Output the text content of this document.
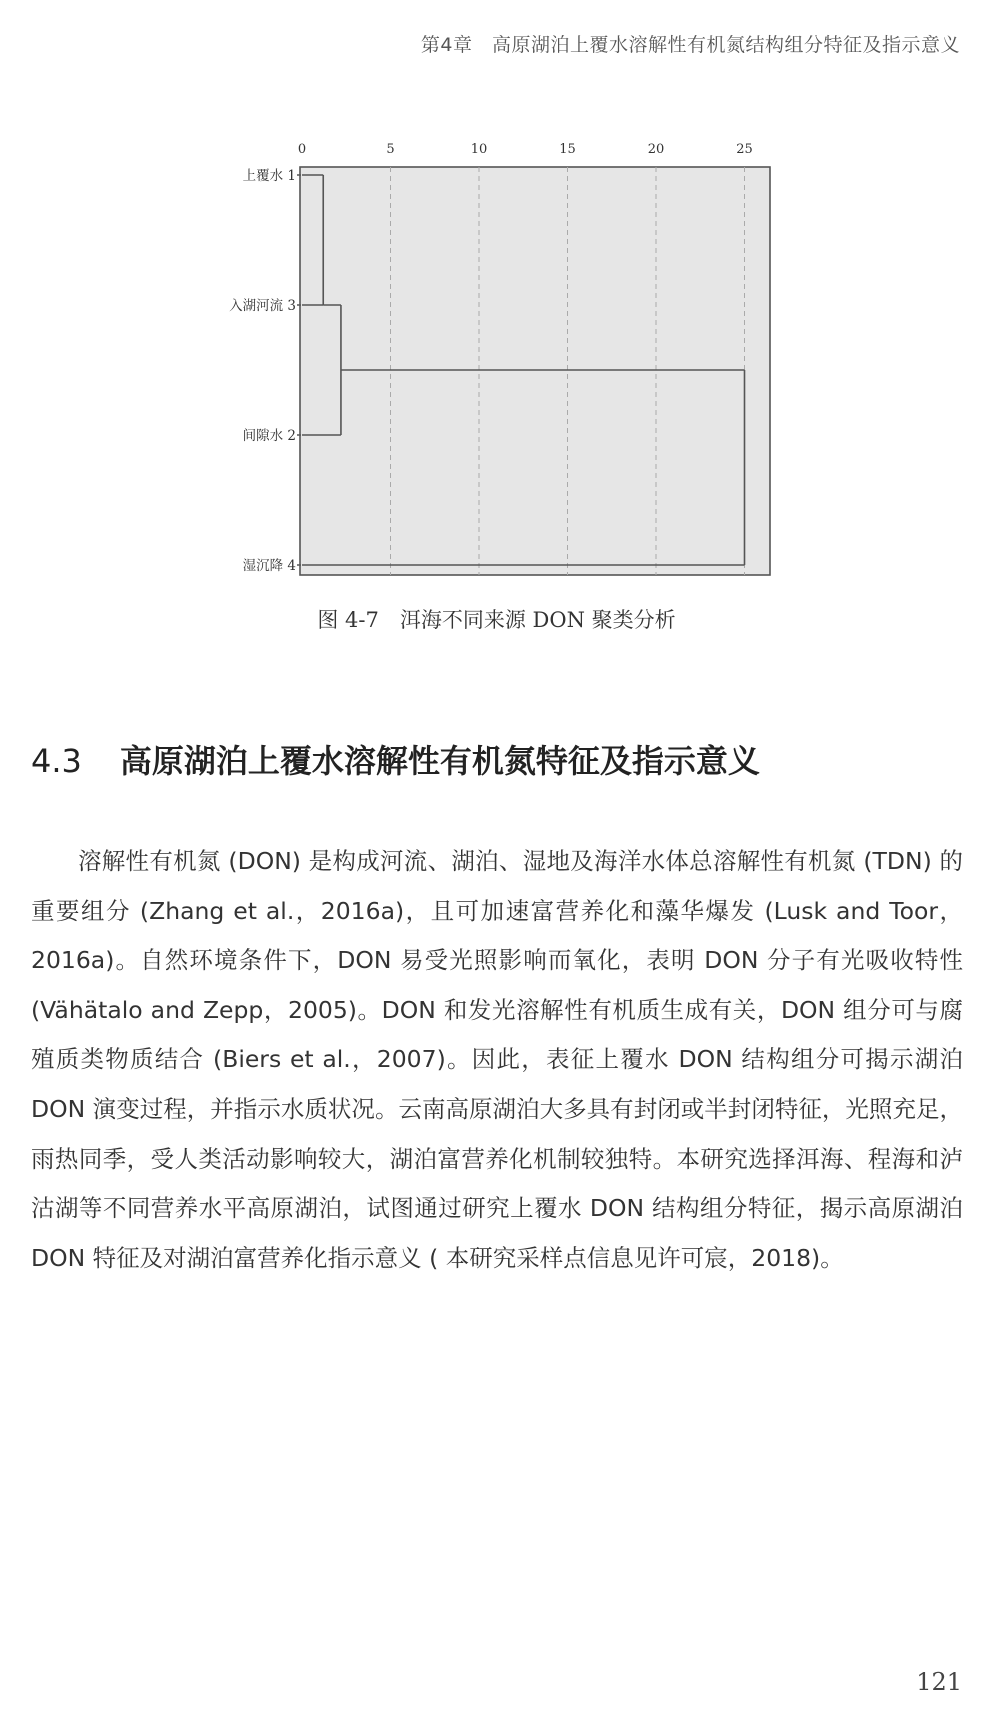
第4章　高原湖泊上覆水溶解性有机氮结构组分特征及指示意义
0	5	10	15	20	25
上覆水 1
入湖河流 3
间隙水 2
湿沉降 4
图 4-7　洱海不同来源 DON 聚类分析
4.3 高原湖泊上覆水溶解性有机氮特征及指示意义

溶解性有机氮 (DON) 是构成河流、湖泊、湿地及海洋水体总溶解性有机氮 (TDN) 的重要组分 (Zhang et al.，2016a)，且可加速富营养化和藻华爆发 (Lusk and Toor，2016a)。自然环境条件下，DON 易受光照影响而氧化，表明 DON 分子有光吸收特性 (Vähätalo and Zepp，2005)。DON 和发光溶解性有机质生成有关，DON 组分可与腐殖质类物质结合 (Biers et al.，2007)。因此，表征上覆水 DON 结构组分可揭示湖泊 DON 演变过程，并指示水质状况。云南高原湖泊大多具有封闭或半封闭特征，光照充足，雨热同季，受人类活动影响较大，湖泊富营养化机制较独特。本研究选择洱海、程海和泸沽湖等不同营养水平高原湖泊，试图通过研究上覆水 DON 结构组分特征，揭示高原湖泊 DON 特征及对湖泊富营养化指示意义 ( 本研究采样点信息见许可宸，2018)。

121
